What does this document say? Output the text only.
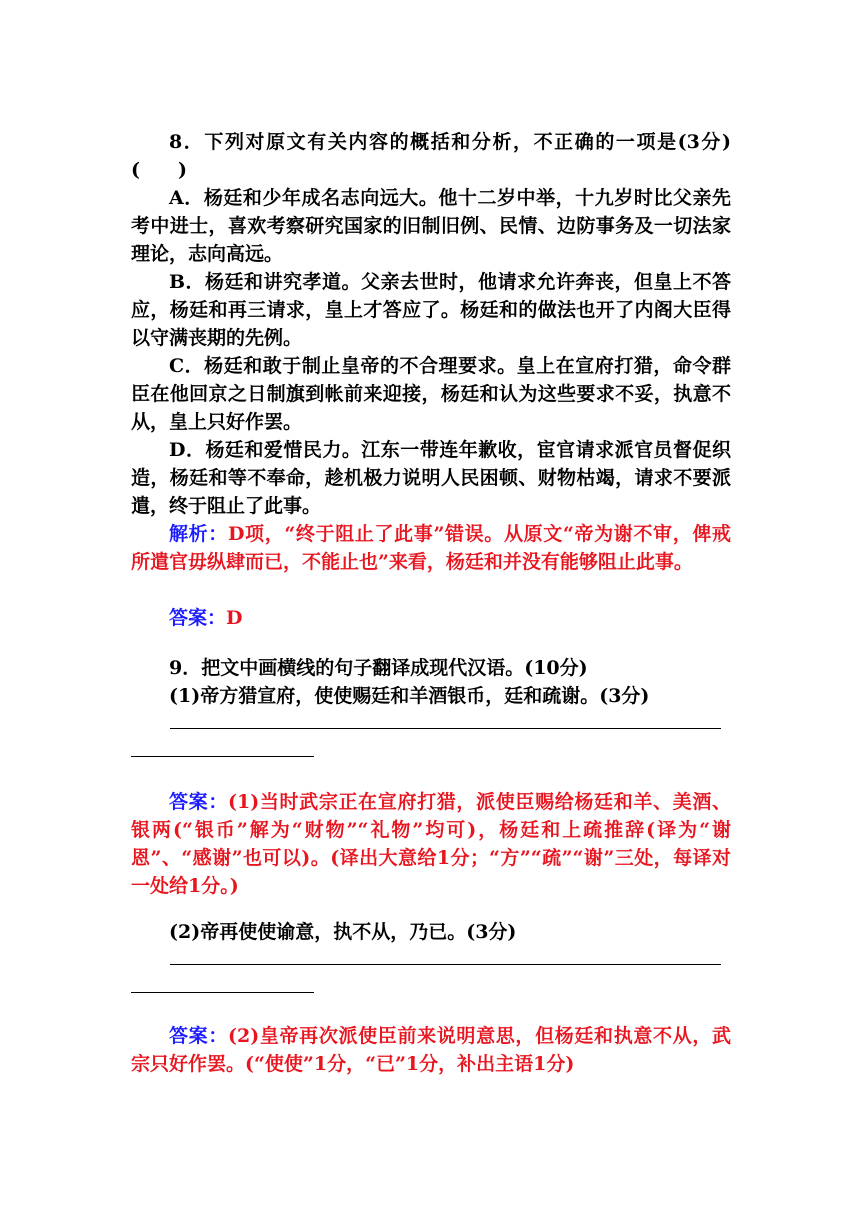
8．下列对原文有关内容的概括和分析，不正确的一项是(3分)(　　)

A．杨廷和少年成名志向远大。他十二岁中举，十九岁时比父亲先考中进士，喜欢考察研究国家的旧制旧例、民情、边防事务及一切法家理论，志向高远。

B．杨廷和讲究孝道。父亲去世时，他请求允许奔丧，但皇上不答应，杨廷和再三请求，皇上才答应了。杨廷和的做法也开了内阁大臣得以守满丧期的先例。

C．杨廷和敢于制止皇帝的不合理要求。皇上在宣府打猎，命令群臣在他回京之日制旗到帐前来迎接，杨廷和认为这些要求不妥，执意不从，皇上只好作罢。

D．杨廷和爱惜民力。江东一带连年歉收，宦官请求派官员督促织造，杨廷和等不奉命，趁机极力说明人民困顿、财物枯竭，请求不要派遣，终于阻止了此事。

解析：D项，“终于阻止了此事”错误。从原文“帝为谢不审，俾戒所遣官毋纵肆而已，不能止也”来看，杨廷和并没有能够阻止此事。

答案：D

9．把文中画横线的句子翻译成现代汉语。(10分)

(1)帝方猎宣府，使使赐廷和羊酒银币，廷和疏谢。(3分)

答案：(1)当时武宗正在宣府打猎，派使臣赐给杨廷和羊、美酒、银两(“银币”解为“财物”“礼物”均可)，杨廷和上疏推辞(译为“谢恩”、“感谢”也可以)。(译出大意给1分；“方”“疏”“谢”三处，每译对一处给1分。)

(2)帝再使使谕意，执不从，乃已。(3分)

答案：(2)皇帝再次派使臣前来说明意思，但杨廷和执意不从，武宗只好作罢。(“使使”1分，“已”1分，补出主语1分)
